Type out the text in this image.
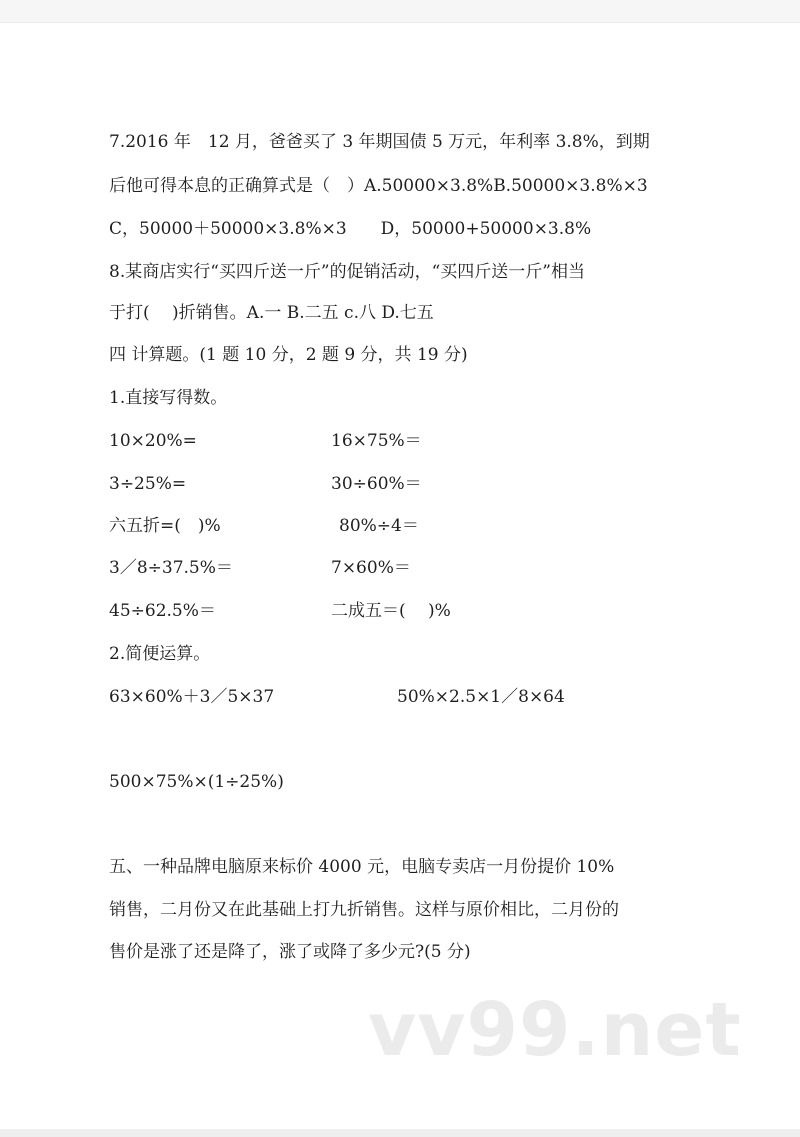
7.2016 年　12 月，爸爸买了 3 年期国债 5 万元，年利率 3.8%，到期
后他可得本息的正确算式是（　）A.50000×3.8%B.50000×3.8%×3
C，50000＋50000×3.8%×3　　D，50000+50000×3.8%
8.某商店实行“买四斤送一斤”的促销活动，“买四斤送一斤”相当
于打(　 )折销售。A.一 B.二五 c.八 D.七五
四 计算题。(1 题 10 分，2 题 9 分，共 19 分)
1.直接写得数。
10×20%=	16×75%＝
3÷25%=	30÷60%＝
六五折=(　)%	80%÷4＝
3／8÷37.5%＝	7×60%＝
45÷62.5%＝	二成五＝(　 )%
2.简便运算。
63×60%＋3／5×37	50%×2.5×1／8×64
500×75%×(1÷25%)
五、一种品牌电脑原来标价 4000 元，电脑专卖店一月份提价 10%
销售，二月份又在此基础上打九折销售。这样与原价相比，二月份的
售价是涨了还是降了，涨了或降了多少元?(5 分)
vv99.net
